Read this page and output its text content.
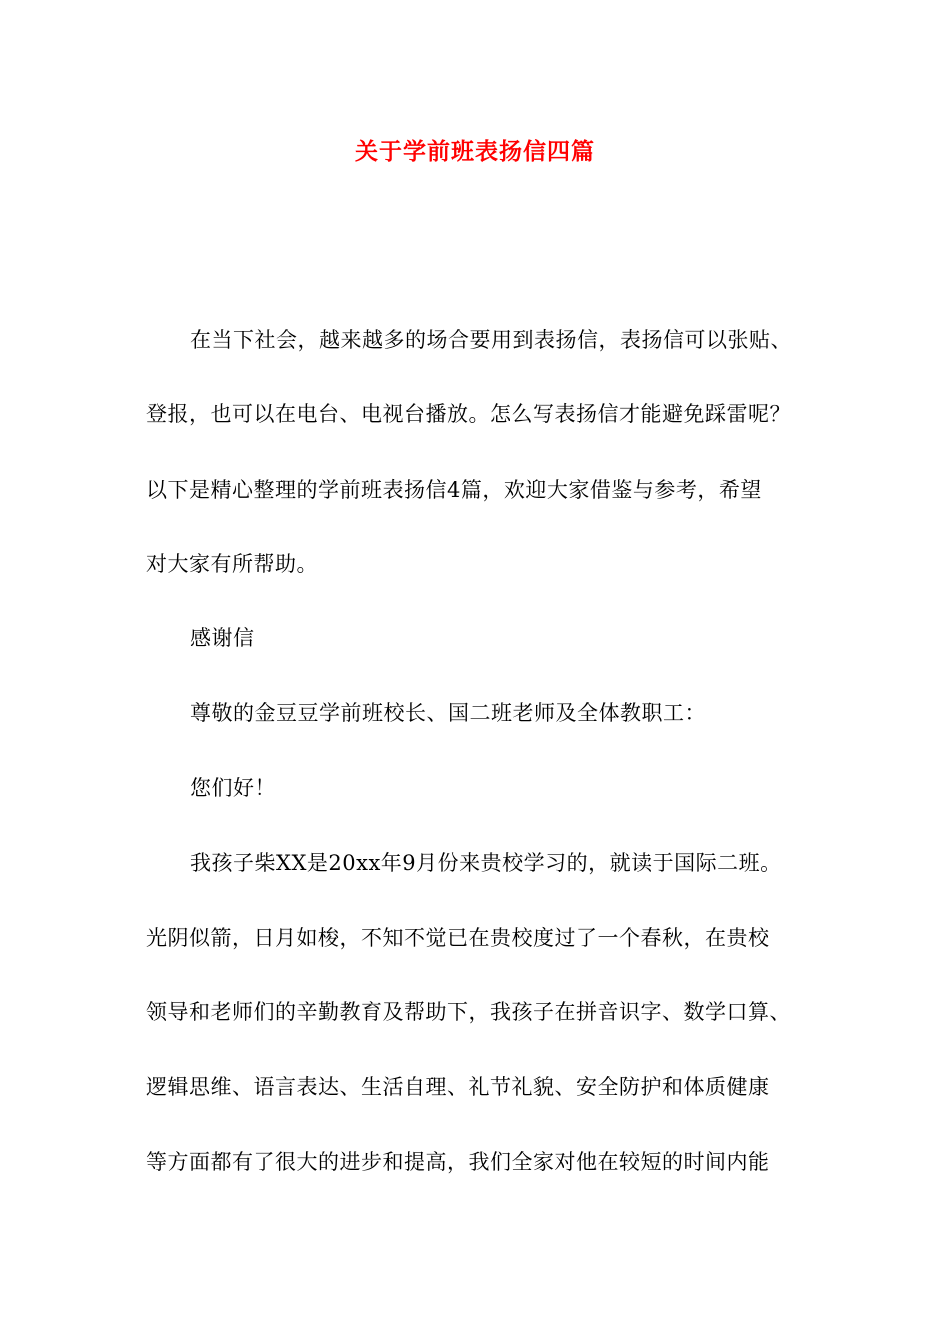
关于学前班表扬信四篇
在当下社会，越来越多的场合要用到表扬信，表扬信可以张贴、
登报，也可以在电台、电视台播放。怎么写表扬信才能避免踩雷呢？
以下是精心整理的学前班表扬信4篇，欢迎大家借鉴与参考，希望
对大家有所帮助。
感谢信
尊敬的金豆豆学前班校长、国二班老师及全体教职工：
您们好！
我孩子柴XX是20xx年9月份来贵校学习的，就读于国际二班。
光阴似箭，日月如梭，不知不觉已在贵校度过了一个春秋，在贵校
领导和老师们的辛勤教育及帮助下，我孩子在拼音识字、数学口算、
逻辑思维、语言表达、生活自理、礼节礼貌、安全防护和体质健康
等方面都有了很大的进步和提高，我们全家对他在较短的时间内能
